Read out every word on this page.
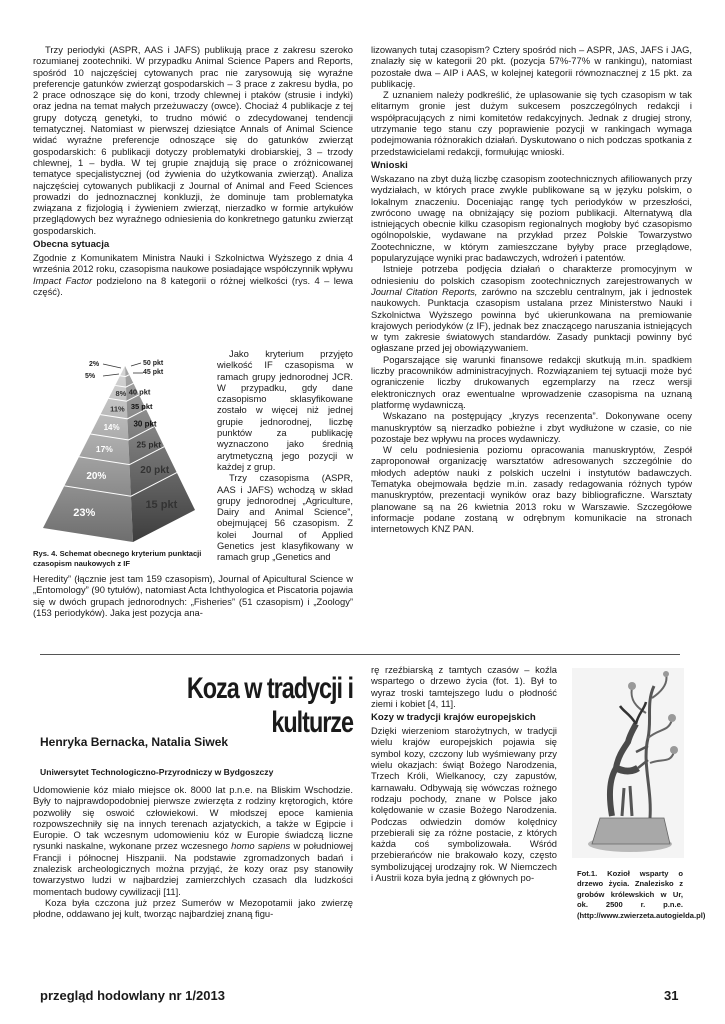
Trzy periodyki (ASPR, AAS i JAFS) publikują prace z zakresu szeroko rozumianej zootechniki. W przypadku Animal Science Papers and Reports, spośród 10 najczęściej cytowanych prac nie zarysowują się wyraźne preferencje gatunków zwierząt gospodarskich – 3 prace z zakresu bydła, po 2 prace odnoszące się do koni, trzody chlewnej i ptaków (strusie i indyki) oraz jedna na temat małych przeżuwaczy (owce). Chociaż 4 publikacje z tej grupy dotyczą genetyki, to trudno mówić o zdecydowanej tendencji tematycznej. Natomiast w pierwszej dziesiątce Annals of Animal Science widać wyraźne preferencje odnoszące się do gatunków zwierząt gospodarskich: 6 publikacji dotyczy problematyki drobiarskiej, 3 – trzody chlewnej, 1 – bydła. W tej grupie znajdują się prace o zróżnicowanej tematyce specjalistycznej (od żywienia do użytkowania zwierząt). Analiza najczęściej cytowanych publikacji z Journal of Animal and Feed Sciences prowadzi do jednoznacznej konkluzji, że dominuje tam problematyka związana z fizjologią i żywieniem zwierząt, nierzadko w formie artykułów przeglądowych bez wyraźnego odniesienia do konkretnego gatunku zwierząt gospodarskich.

Obecna sytuacja

Zgodnie z Komunikatem Ministra Nauki i Szkolnictwa Wyższego z dnia 4 września 2012 roku, czasopisma naukowe posiadające współczynnik wpływu Impact Factor podzielono na 8 kategorii o różnej wielkości (rys. 4 – lewa część).

2%	50 pkt
5%
45 pkt
8% 40 pkt
11% 35 pkt
14% 30 pkt
17%	25 pkt
20%
20 pkt
23%
15 pkt
Rys. 4. Schemat obecnego kryterium punktacji czasopism naukowych z IF

Jako kryterium przyjęto wielkość IF czasopisma w ramach grupy jednorodnej JCR. W przypadku, gdy dane czasopismo sklasyfikowane zostało w więcej niż jednej grupie jednorodnej, liczbę punktów za publikację wyznaczono jako średnią arytmetyczną jego pozycji w każdej z grup.

Trzy czasopisma (ASPR, AAS i JAFS) wchodzą w skład grupy jednorodnej „Agriculture, Dairy and Animal Science”, obejmującej 56 czasopism. Z kolei Journal of Applied Genetics jest klasyfikowany w ramach grup „Genetics and

Heredity” (łącznie jest tam 159 czasopism), Journal of Apicultural Science w „Entomology” (90 tytułów), natomiast Acta Ichthyologica et Piscatoria pojawia się w dwóch grupach jednorodnych: „Fisheries” (51 czasopism) i „Zoology” (153 periodyków). Jaka jest pozycja ana-

lizowanych tutaj czasopism? Cztery spośród nich – ASPR, JAS, JAFS i JAG, znalazły się w kategorii 20 pkt. (pozycja 57%-77% w rankingu), natomiast pozostałe dwa – AIP i AAS, w kolejnej kategorii równoznacznej z 15 pkt. za publikację.

Z uznaniem należy podkreślić, że uplasowanie się tych czasopism w tak elitarnym gronie jest dużym sukcesem poszczególnych redakcji i współpracujących z nimi komitetów redakcyjnych. Jednak z drugiej strony, utrzymanie tego stanu czy poprawienie pozycji w rankingach wymaga podejmowania różnorakich działań. Dyskutowano o nich podczas spotkania z przedstawicielami redakcji, formułując wnioski.

Wnioski

Wskazano na zbyt dużą liczbę czasopism zootechnicznych afiliowanych przy wydziałach, w których prace zwykle publikowane są w języku polskim, o lokalnym znaczeniu. Doceniając rangę tych periodyków w przeszłości, zwrócono uwagę na obniżający się poziom publikacji. Alternatywą dla istniejących obecnie kilku czasopism regionalnych mogłoby być czasopismo ogólnopolskie, wydawane na przykład przez Polskie Towarzystwo Zootechniczne, w którym zamieszczane byłyby prace przeglądowe, popularyzujące wyniki prac badawczych, wdrożeń i patentów.

Istnieje potrzeba podjęcia działań o charakterze promocyjnym w odniesieniu do polskich czasopism zootechnicznych zarejestrowanych w Journal Citation Reports, zarówno na szczeblu centralnym, jak i jednostek naukowych. Punktacja czasopism ustalana przez Ministerstwo Nauki i Szkolnictwa Wyższego powinna być ukierunkowana na premiowanie krajowych periodyków (z IF), jednak bez znaczącego naruszania istniejących w tym zakresie światowych standardów. Zasady punktacji powinny być ogłaszane przed jej obowiązywaniem.

Pogarszające się warunki finansowe redakcji skutkują m.in. spadkiem liczby pracowników administracyjnych. Rozwiązaniem tej sytuacji może być ograniczenie liczby drukowanych egzemplarzy na rzecz wersji elektronicznych oraz ewentualne wprowadzenie czasopisma na uznaną platformę wydawniczą.

Wskazano na postępujący „kryzys recenzenta”. Dokonywane oceny manuskryptów są nierzadko pobieżne i zbyt wydłużone w czasie, co nie pozostaje bez wpływu na proces wydawniczy.

W celu podniesienia poziomu opracowania manuskryptów, Zespół zaproponował organizację warsztatów adresowanych szczególnie do młodych adeptów nauki z polskich uczelni i instytutów badawczych. Tematyka obejmowała będzie m.in. zasady redagowania różnych typów manuskryptów, prezentacji wyników oraz bazy bibliograficzne. Warsztaty planowane są na 26 kwietnia 2013 roku w Warszawie. Szczegółowe informacje podane zostaną w odrębnym komunikacie na stronach internetowych KNZ PAN.

Koza w tradycji i kulturze
Henryka Bernacka, Natalia Siwek
Uniwersytet Technologiczno-Przyrodniczy w Bydgoszczy

Udomowienie kóz miało miejsce ok. 8000 lat p.n.e. na Bliskim Wschodzie. Były to najprawdopodobniej pierwsze zwierzęta z rodziny krętorogich, które pozwoliły się oswoić człowiekowi. W młodszej epoce kamienia rozpowszechniły się na innych terenach azjatyckich, a także w Egipcie i Europie. O tak wczesnym udomowieniu kóz w Europie świadczą liczne rysunki naskalne, wykonane przez wczesnego homo sapiens w południowej Francji i północnej Hiszpanii. Na podstawie zgromadzonych badań i znalezisk archeologicznych można przyjąć, że kozy oraz psy stanowiły towarzystwo ludzi w najbardziej zamierzchłych czasach dla ludzkości momentach budowy cywilizacji [11].

Koza była czczona już przez Sumerów w Mezopotamii jako zwierzę płodne, oddawano jej kult, tworząc najbardziej znaną figu-

rę rzeźbiarską z tamtych czasów – koźla wspartego o drzewo życia (fot. 1). Był to wyraz troski tamtejszego ludu o płodność ziemi i kobiet [4, 11].

Kozy w tradycji krajów europejskich

Dzięki wierzeniom starożytnych, w tradycji wielu krajów europejskich pojawia się symbol kozy, czczony lub wyśmiewany przy wielu okazjach: świąt Bożego Narodzenia, Trzech Króli, Wielkanocy, czy zapustów, karnawału. Odbywają się wówczas rożnego rodzaju pochody, znane w Polsce jako kolędowanie w czasie Bożego Narodzenia. Podczas odwiedzin domów kolędnicy przebierali się za różne postacie, z których każda coś symbolizowała. Wśród przebierańców nie brakowało kozy, często symbolizującej urodzajny rok. W Niemczech i Austrii koza była jedną z głównych po-	Fot.1. Kozioł wsparty o drzewo życia. Znalezisko z grobów królewskich w Ur, ok. 2500 r. p.n.e. (http://www.zwierzeta.autogielda.pl)
przegląd hodowlany nr 1/2013	31
